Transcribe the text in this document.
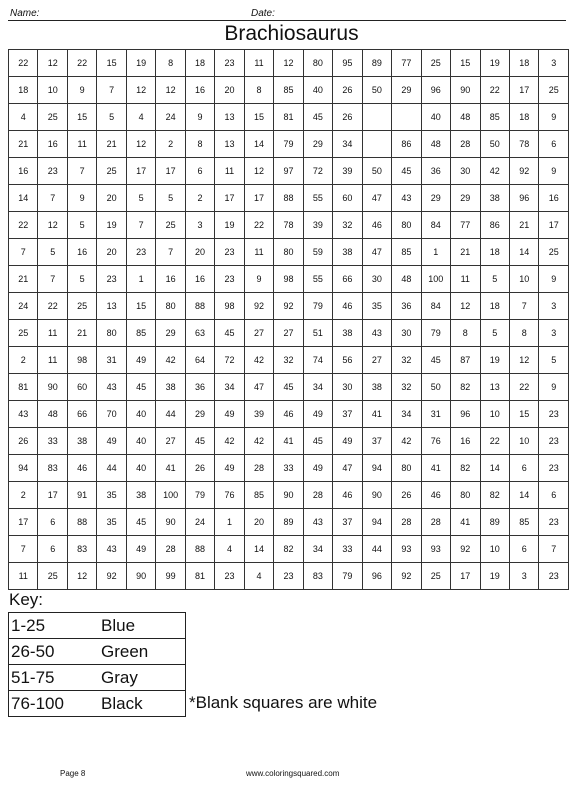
Name:	Date:
Brachiosaurus
22	12	22	15	19	8	18	23	11	12	80	95	89	77	25	15	19	18	3
18	10	9	7	12	12	16	20	8	85	40	26	50	29	96	90	22	17	25
4	25	15	5	4	24	9	13	15	81	45	26			40	48	85	18	9
21	16	11	21	12	2	8	13	14	79	29	34		86	48	28	50	78	6
16	23	7	25	17	17	6	11	12	97	72	39	50	45	36	30	42	92	9
14	7	9	20	5	5	2	17	17	88	55	60	47	43	29	29	38	96	16
22	12	5	19	7	25	3	19	22	78	39	32	46	80	84	77	86	21	17
7	5	16	20	23	7	20	23	11	80	59	38	47	85	1	21	18	14	25
21	7	5	23	1	16	16	23	9	98	55	66	30	48	100	11	5	10	9
24	22	25	13	15	80	88	98	92	92	79	46	35	36	84	12	18	7	3
25	11	21	80	85	29	63	45	27	27	51	38	43	30	79	8	5	8	3
2	11	98	31	49	42	64	72	42	32	74	56	27	32	45	87	19	12	5
81	90	60	43	45	38	36	34	47	45	34	30	38	32	50	82	13	22	9
43	48	66	70	40	44	29	49	39	46	49	37	41	34	31	96	10	15	23
26	33	38	49	40	27	45	42	42	41	45	49	37	42	76	16	22	10	23
94	83	46	44	40	41	26	49	28	33	49	47	94	80	41	82	14	6	23
2	17	91	35	38	100	79	76	85	90	28	46	90	26	46	80	82	14	6
17	6	88	35	45	90	24	1	20	89	43	37	94	28	28	41	89	85	23
7	6	83	43	49	28	88	4	14	82	34	33	44	93	93	92	10	6	7
11	25	12	92	90	99	81	23	4	23	83	79	96	92	25	17	19	3	23
Key:
1-25	Blue
26-50	Green
51-75	Gray
76-100	Black	*Blank squares are white
Page 8	www.coloringsquared.com
